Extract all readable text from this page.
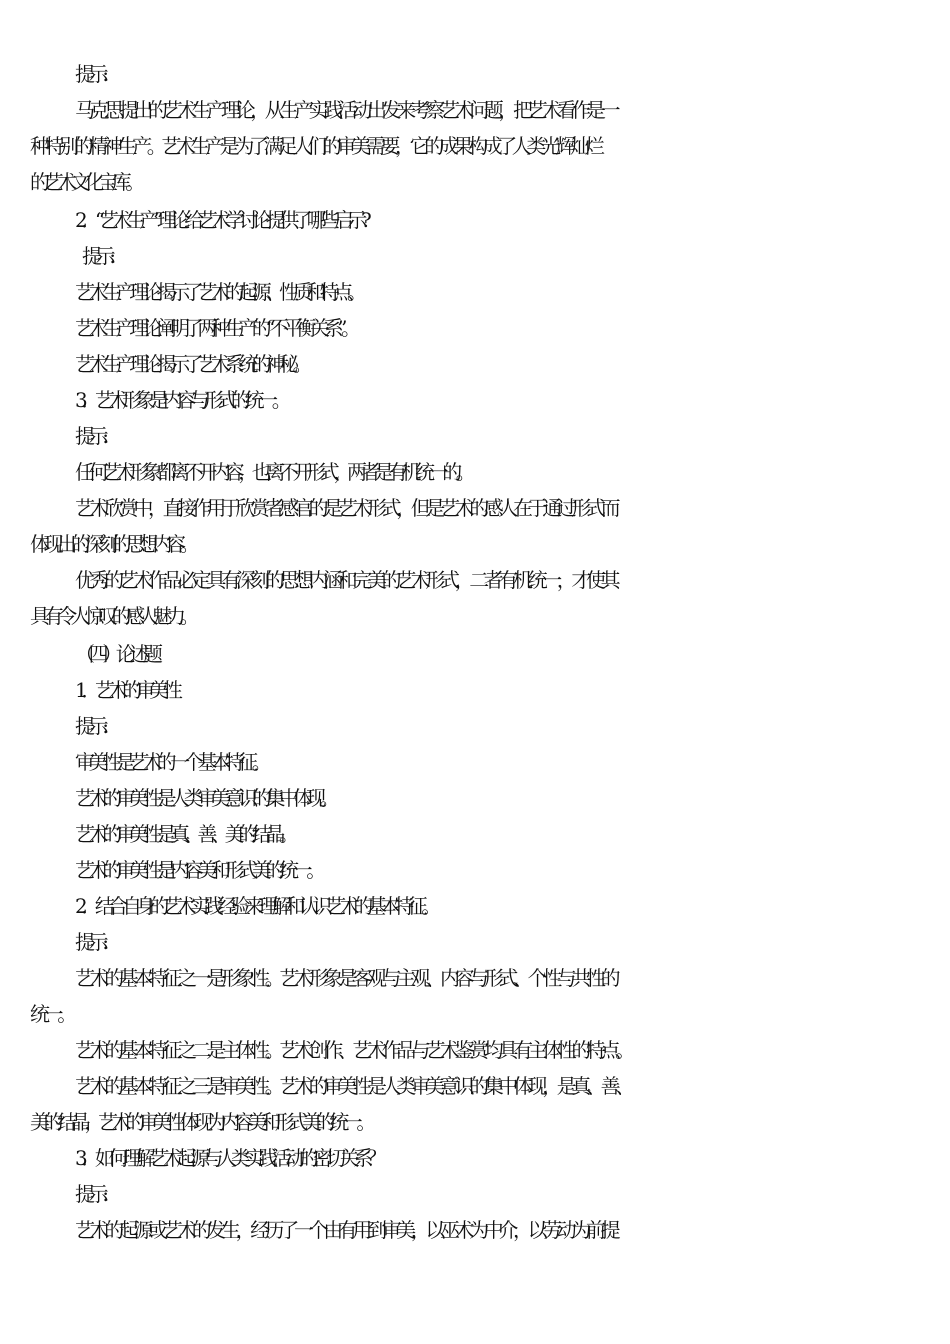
提示:
马克思提出的艺术生产理论，从生产实践活动出发来考察艺术问题，把艺术看作是一
种特别的精神生产。艺术生产是为了满足人们的审美需要，它的成果构成了人类光辉灿烂
的艺术文化宝库。
2．“艺术生产”理论给艺术学讨论提供了哪些启示?
提示:
艺术生产理论揭示了艺术的起源、性质和特点。
艺术生产理论阐明了两种生产的“不平衡关系”。
艺术生产理论揭示了艺术系统的神秘。
3．艺术形象是内容与形式的统一。
提示:
任何艺术形象都离不开内容，也离不开形式，两者是有机统一的。
艺术欣赏中，直接作用于欣赏者感官的是艺术形式，但是艺术的感人在于通过形式而
体现出的深刻的思想内容。
优秀的艺术作品必定具有深刻的思想内涵和完美的艺术形式，二者有机统一，才使其
具有令人惊叹的感人魅力。
（四）论述题
1． 艺术的审美性
提示:
审美性是艺术的一个基本特征。
艺术的审美性是人类审美意识的集中体现。
艺术的审美性是真、善、美的结晶。
艺术的审美性是内容美和形式美的统一。
2．结合自身的艺术实践经验来理解和认识艺术的基本特征。
提示:
艺术的基本特征之一是形象性。艺术形象是客观与主观、内容与形式、个性与共性的
统一。
艺术的基本特征之二是主体性。艺术创作、艺术作品与艺术鉴赏均具有主体性的特点。
艺术的基本特征之三是审美性。艺术的审美性是人类审美意识的集中体现，是真、善、
美的结晶，艺术的审美性体现为内容美和形式美的统一。
3．如何理解艺术起源与人类实践活动的密切关系？
提示:
艺术的起源或艺术的发生，经历了一个由有用到审美，以巫术为中介，以劳动为前提
